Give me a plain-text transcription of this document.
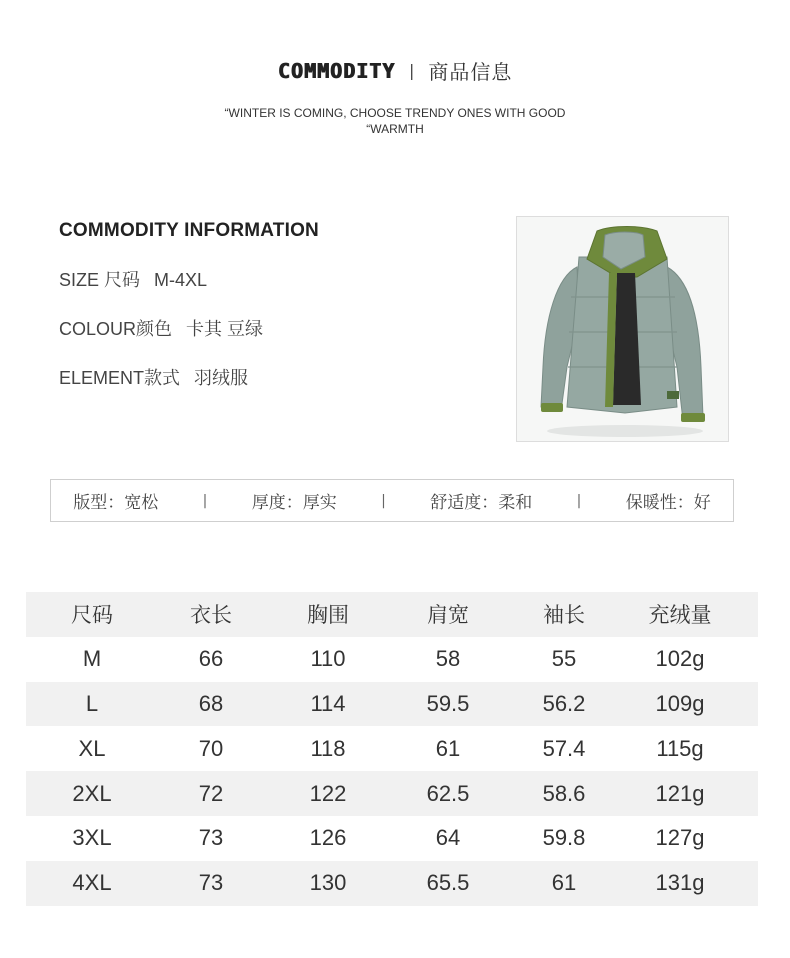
COMMODITY | 商品信息
“WINTER IS COMING, CHOOSE TRENDY ONES WITH GOOD
“WARMTH
COMMODITY INFORMATION
SIZE 尺码 M-4XL
COLOUR颜色 卡其 豆绿
ELEMENT款式 羽绒服
版型：宽松	|	厚度：厚实	|	舒适度：柔和	|	保暖性：好
尺码	衣长	胸围	肩宽	袖长	充绒量
M	66	110	58	55	102g
L	68	114	59.5	56.2	109g
XL	70	118	61	57.4	115g
2XL	72	122	62.5	58.6	121g
3XL	73	126	64	59.8	127g
4XL	73	130	65.5	61	131g
